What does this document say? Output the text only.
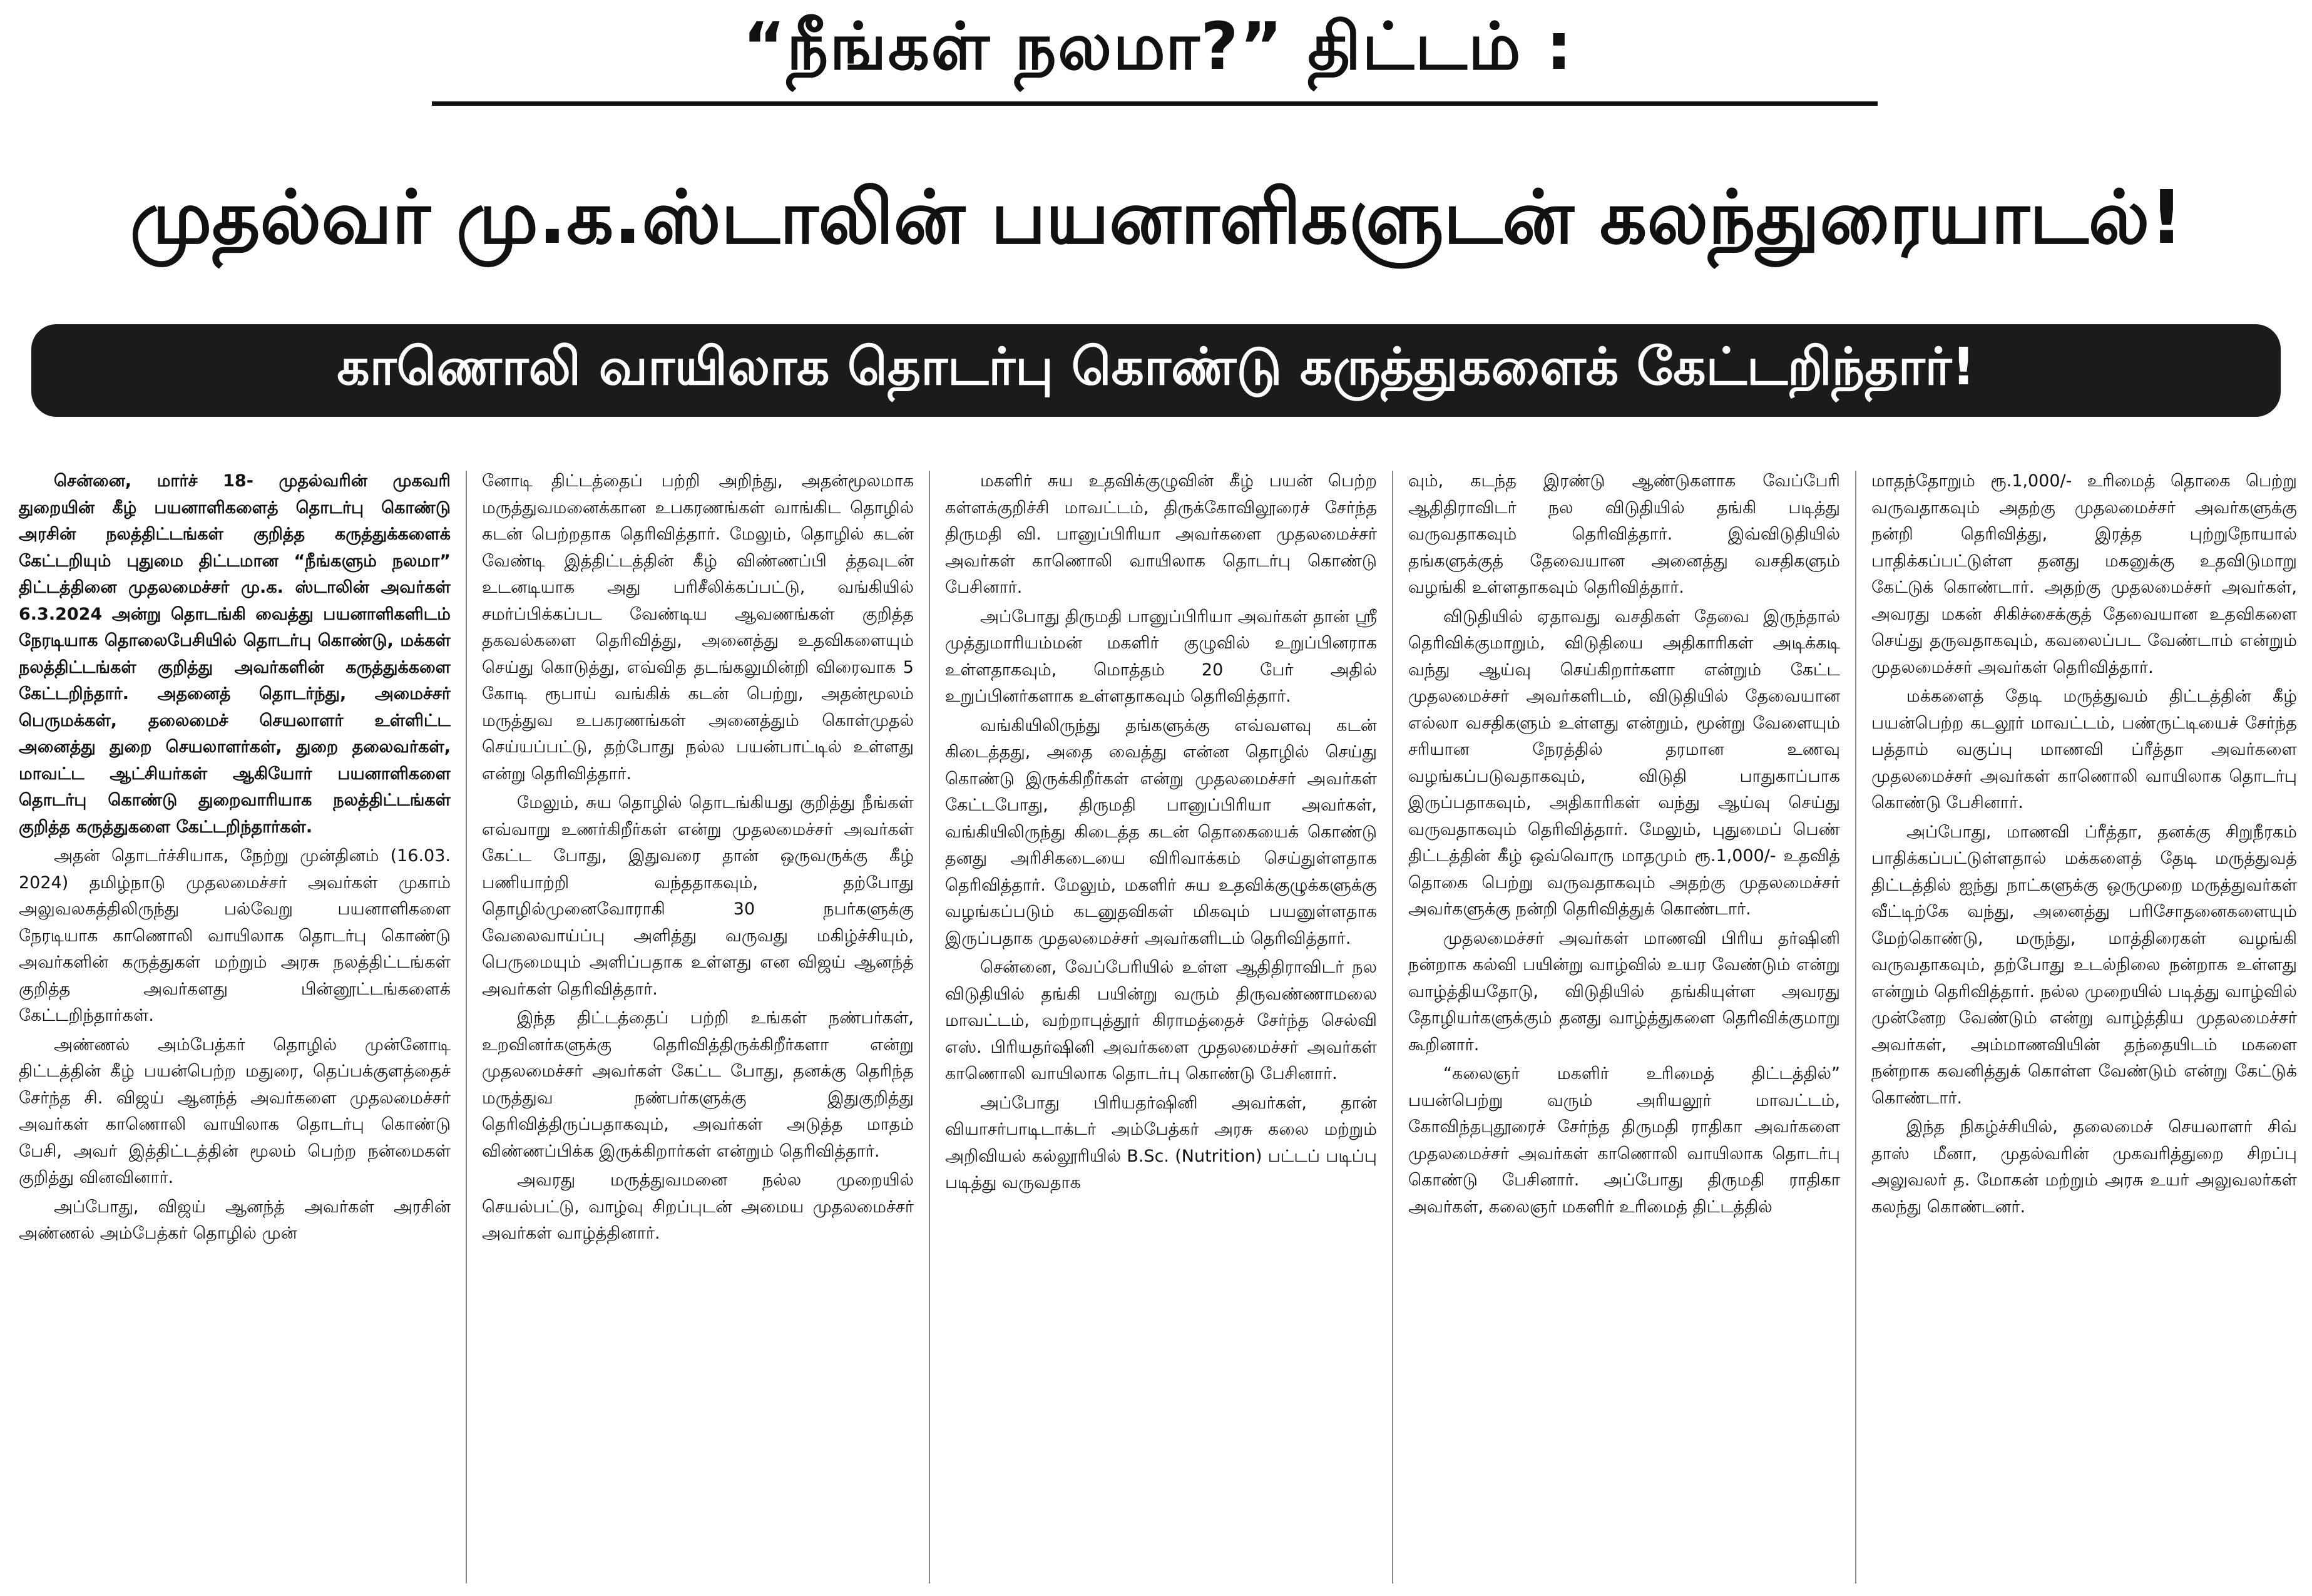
“நீங்கள் நலமா?” திட்டம் :
முதல்வர் மு.க.ஸ்டாலின் பயனாளிகளுடன் கலந்துரையாடல்!
காணொலி வாயிலாக தொடர்பு கொண்டு கருத்துகளைக் கேட்டறிந்தார்!

சென்னை, மார்ச் 18- முதல்வரின் முகவரி துறையின் கீழ் பயனாளிகளைத் தொடர்பு கொண்டு அரசின் நலத்திட்டங்கள் குறித்த கருத்துக்களைக் கேட்டறியும் புதுமை திட்டமான “நீங்களும் நலமா” திட்டத்தினை முதலமைச்சர் மு.க. ஸ்டாலின் அவர்கள் 6.3.2024 அன்று தொடங்கி வைத்து பயனாளிகளிடம் நேரடியாக தொலைபேசியில் தொடர்பு கொண்டு, மக்கள் நலத்திட்டங்கள் குறித்து அவர்களின் கருத்துக்களை கேட்டறிந்தார். அதனைத் தொடர்ந்து, அமைச்சர் பெருமக்கள், தலைமைச் செயலாளர் உள்ளிட்ட அனைத்து துறை செயலாளர்கள், துறை தலைவர்கள், மாவட்ட ஆட்சியர்கள் ஆகியோர் பயனாளிகளை தொடர்பு கொண்டு துறைவாரியாக நலத்திட்டங்கள் குறித்த கருத்துகளை கேட்டறிந்தார்கள்.

அதன் தொடர்ச்சியாக, நேற்று முன்தினம் (16.03. 2024) தமிழ்நாடு முதலமைச்சர் அவர்கள் முகாம் அலுவலகத்திலிருந்து பல்வேறு பயனாளிகளை நேரடியாக காணொலி வாயிலாக தொடர்பு கொண்டு அவர்களின் கருத்துகள் மற்றும் அரசு நலத்திட்டங்கள் குறித்த அவர்களது பின்னூட்டங்களைக் கேட்டறிந்தார்கள்.

அண்ணல் அம்பேத்கர் தொழில் முன்னோடி திட்டத்தின் கீழ் பயன்பெற்ற மதுரை, தெப்பக்குளத்தைச் சேர்ந்த சி. விஜய் ஆனந்த் அவர்களை முதலமைச்சர் அவர்கள் காணொலி வாயிலாக தொடர்பு கொண்டு பேசி, அவர் இத்திட்டத்தின் மூலம் பெற்ற நன்மைகள் குறித்து வினவினார்.

அப்போது, விஜய் ஆனந்த் அவர்கள் அரசின் அண்ணல் அம்பேத்கர் தொழில் முன்

னோடி திட்டத்தைப் பற்றி அறிந்து, அதன்மூலமாக மருத்துவமனைக்கான உபகரணங்கள் வாங்கிட தொழில் கடன் பெற்றதாக தெரிவித்தார். மேலும், தொழில் கடன் வேண்டி இத்திட்டத்தின் கீழ் விண்ணப்பி த்தவுடன் உடனடியாக அது பரிசீலிக்கப்பட்டு, வங்கியில் சமர்ப்பிக்கப்பட வேண்டிய ஆவணங்கள் குறித்த தகவல்களை தெரிவித்து, அனைத்து உதவிகளையும் செய்து கொடுத்து, எவ்வித தடங்கலுமின்றி விரைவாக 5 கோடி ரூபாய் வங்கிக் கடன் பெற்று, அதன்மூலம் மருத்துவ உபகரணங்கள் அனைத்தும் கொள்முதல் செய்யப்பட்டு, தற்போது நல்ல பயன்பாட்டில் உள்ளது என்று தெரிவித்தார்.

மேலும், சுய தொழில் தொடங்கியது குறித்து நீங்கள் எவ்வாறு உணர்கிறீர்கள் என்று முதலமைச்சர் அவர்கள் கேட்ட போது, இதுவரை தான் ஒருவருக்கு கீழ் பணியாற்றி வந்ததாகவும், தற்போது தொழில்முனைவோராகி 30 நபர்களுக்கு வேலைவாய்ப்பு அளித்து வருவது மகிழ்ச்சியும், பெருமையும் அளிப்பதாக உள்ளது என விஜய் ஆனந்த் அவர்கள் தெரிவித்தார்.

இந்த திட்டத்தைப் பற்றி உங்கள் நண்பர்கள், உறவினர்களுக்கு தெரிவித்திருக்கிறீர்களா என்று முதலமைச்சர் அவர்கள் கேட்ட போது, தனக்கு தெரிந்த மருத்துவ நண்பர்களுக்கு இதுகுறித்து தெரிவித்திருப்பதாகவும், அவர்கள் அடுத்த மாதம் விண்ணப்பிக்க இருக்கிறார்கள் என்றும் தெரிவித்தார்.

அவரது மருத்துவமனை நல்ல முறையில் செயல்பட்டு, வாழ்வு சிறப்புடன் அமைய முதலமைச்சர் அவர்கள் வாழ்த்தினார்.

மகளிர் சுய உதவிக்குழுவின் கீழ் பயன் பெற்ற கள்ளக்குறிச்சி மாவட்டம், திருக்கோவிலூரைச் சேர்ந்த திருமதி வி. பானுப்பிரியா அவர்களை முதலமைச்சர் அவர்கள் காணொலி வாயிலாக தொடர்பு கொண்டு பேசினார்.

அப்போது திருமதி பானுப்பிரியா அவர்கள் தான் ஸ்ரீ முத்துமாரியம்மன் மகளிர் குழுவில் உறுப்பினராக உள்ளதாகவும், மொத்தம் 20 பேர் அதில் உறுப்பினர்களாக உள்ளதாகவும் தெரிவித்தார்.

வங்கியிலிருந்து தங்களுக்கு எவ்வளவு கடன் கிடைத்தது, அதை வைத்து என்ன தொழில் செய்து கொண்டு இருக்கிறீர்கள் என்று முதலமைச்சர் அவர்கள் கேட்டபோது, திருமதி பானுப்பிரியா அவர்கள், வங்கியிலிருந்து கிடைத்த கடன் தொகையைக் கொண்டு தனது அரிசிகடையை விரிவாக்கம் செய்துள்ளதாக தெரிவித்தார். மேலும், மகளிர் சுய உதவிக்குழுக்களுக்கு வழங்கப்படும் கடனுதவிகள் மிகவும் பயனுள்ளதாக இருப்பதாக முதலமைச்சர் அவர்களிடம் தெரிவித்தார்.

சென்னை, வேப்பேரியில் உள்ள ஆதிதிராவிடர் நல விடுதியில் தங்கி பயின்று வரும் திருவண்ணாமலை மாவட்டம், வற்றாபுத்தூர் கிராமத்தைச் சேர்ந்த செல்வி எஸ். பிரியதர்ஷினி அவர்களை முதலமைச்சர் அவர்கள் காணொலி வாயிலாக தொடர்பு கொண்டு பேசினார்.

அப்போது பிரியதர்ஷினி அவர்கள், தான் வியாசர்பாடிடாக்டர் அம்பேத்கர் அரசு கலை மற்றும் அறிவியல் கல்லூரியில் B.Sc. (Nutrition) பட்டப் படிப்பு படித்து வருவதாக

வும், கடந்த இரண்டு ஆண்டுகளாக வேப்பேரி ஆதிதிராவிடர் நல விடுதியில் தங்கி படித்து வருவதாகவும் தெரிவித்தார். இவ்விடுதியில் தங்களுக்குத் தேவையான அனைத்து வசதிகளும் வழங்கி உள்ளதாகவும் தெரிவித்தார்.

விடுதியில் ஏதாவது வசதிகள் தேவை இருந்தால் தெரிவிக்குமாறும், விடுதியை அதிகாரிகள் அடிக்கடி வந்து ஆய்வு செய்கிறார்களா என்றும் கேட்ட முதலமைச்சர் அவர்களிடம், விடுதியில் தேவையான எல்லா வசதிகளும் உள்ளது என்றும், மூன்று வேளையும் சரியான நேரத்தில் தரமான உணவு வழங்கப்படுவதாகவும், விடுதி பாதுகாப்பாக இருப்பதாகவும், அதிகாரிகள் வந்து ஆய்வு செய்து வருவதாகவும் தெரிவித்தார். மேலும், புதுமைப் பெண் திட்டத்தின் கீழ் ஒவ்வொரு மாதமும் ரூ.1,000/- உதவித் தொகை பெற்று வருவதாகவும் அதற்கு முதலமைச்சர் அவர்களுக்கு நன்றி தெரிவித்துக் கொண்டார்.

முதலமைச்சர் அவர்கள் மாணவி பிரிய தர்ஷினி நன்றாக கல்வி பயின்று வாழ்வில் உயர வேண்டும் என்று வாழ்த்தியதோடு, விடுதியில் தங்கியுள்ள அவரது தோழியர்களுக்கும் தனது வாழ்த்துகளை தெரிவிக்குமாறு கூறினார்.

“கலைஞர் மகளிர் உரிமைத் திட்டத்தில்” பயன்பெற்று வரும் அரியலூர் மாவட்டம், கோவிந்தபுதூரைச் சேர்ந்த திருமதி ராதிகா அவர்களை முதலமைச்சர் அவர்கள் காணொலி வாயிலாக தொடர்பு கொண்டு பேசினார். அப்போது திருமதி ராதிகா அவர்கள், கலைஞர் மகளிர் உரிமைத் திட்டத்தில்

மாதந்தோறும் ரூ.1,000/- உரிமைத் தொகை பெற்று வருவதாகவும் அதற்கு முதலமைச்சர் அவர்களுக்கு நன்றி தெரிவித்து, இரத்த புற்றுநோயால் பாதிக்கப்பட்டுள்ள தனது மகனுக்கு உதவிடுமாறு கேட்டுக் கொண்டார். அதற்கு முதலமைச்சர் அவர்கள், அவரது மகன் சிகிச்சைக்குத் தேவையான உதவிகளை செய்து தருவதாகவும், கவலைப்பட வேண்டாம் என்றும் முதலமைச்சர் அவர்கள் தெரிவித்தார்.

மக்களைத் தேடி மருத்துவம் திட்டத்தின் கீழ் பயன்பெற்ற கடலூர் மாவட்டம், பண்ருட்டியைச் சேர்ந்த பத்தாம் வகுப்பு மாணவி ப்ரீத்தா அவர்களை முதலமைச்சர் அவர்கள் காணொலி வாயிலாக தொடர்பு கொண்டு பேசினார்.

அப்போது, மாணவி ப்ரீத்தா, தனக்கு சிறுநீரகம் பாதிக்கப்பட்டுள்ளதால் மக்களைத் தேடி மருத்துவத் திட்டத்தில் ஐந்து நாட்களுக்கு ஒருமுறை மருத்துவர்கள் வீட்டிற்கே வந்து, அனைத்து பரிசோதனைகளையும் மேற்கொண்டு, மருந்து, மாத்திரைகள் வழங்கி வருவதாகவும், தற்போது உடல்நிலை நன்றாக உள்ளது என்றும் தெரிவித்தார். நல்ல முறையில் படித்து வாழ்வில் முன்னேற வேண்டும் என்று வாழ்த்திய முதலமைச்சர் அவர்கள், அம்மாணவியின் தந்தையிடம் மகளை நன்றாக கவனித்துக் கொள்ள வேண்டும் என்று கேட்டுக் கொண்டார்.

இந்த நிகழ்ச்சியில், தலைமைச் செயலாளர் சிவ் தாஸ் மீனா, முதல்வரின் முகவரித்துறை சிறப்பு அலுவலர் த. மோகன் மற்றும் அரசு உயர் அலுவலர்கள் கலந்து கொண்டனர்.
